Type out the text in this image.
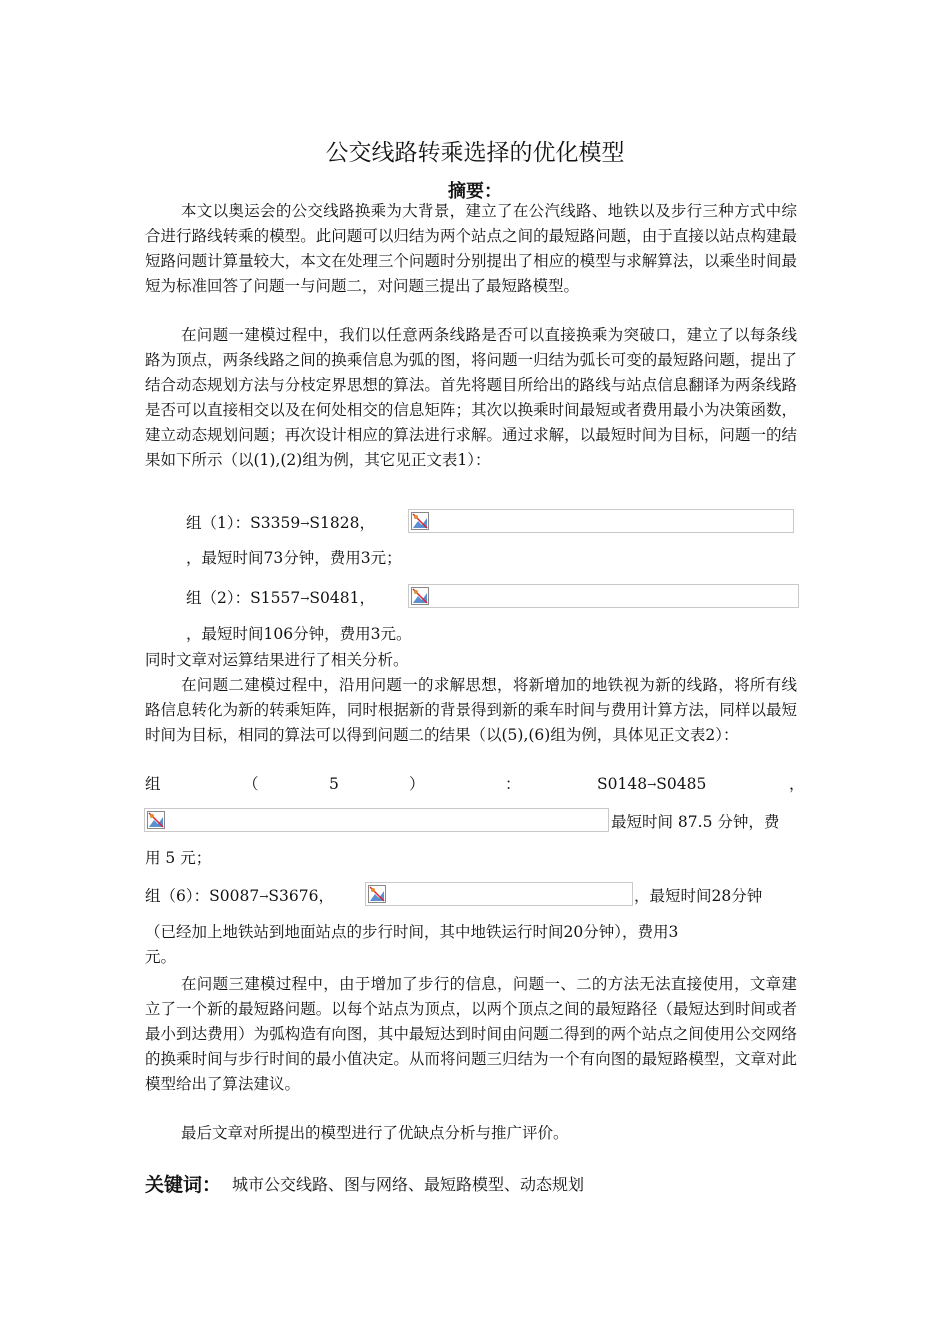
公交线路转乘选择的优化模型
摘要：
本文以奥运会的公交线路换乘为大背景，建立了在公汽线路、地铁以及步行三种方式中综合进行路线转乘的模型。此问题可以归结为两个站点之间的最短路问题，由于直接以站点构建最短路问题计算量较大，本文在处理三个问题时分别提出了相应的模型与求解算法，以乘坐时间最短为标准回答了问题一与问题二，对问题三提出了最短路模型。
在问题一建模过程中，我们以任意两条线路是否可以直接换乘为突破口，建立了以每条线路为顶点，两条线路之间的换乘信息为弧的图，将问题一归结为弧长可变的最短路问题，提出了结合动态规划方法与分枝定界思想的算法。首先将题目所给出的路线与站点信息翻译为两条线路是否可以直接相交以及在何处相交的信息矩阵；其次以换乘时间最短或者费用最小为决策函数，建立动态规划问题；再次设计相应的算法进行求解。通过求解，以最短时间为目标，问题一的结果如下所示（以(1),(2)组为例，其它见正文表1）：
组（1）：S3359→S1828，
，最短时间73分钟，费用3元；
组（2）：S1557→S0481，
，最短时间106分钟，费用3元。
同时文章对运算结果进行了相关分析。
在问题二建模过程中，沿用问题一的求解思想，将新增加的地铁视为新的线路，将所有线路信息转化为新的转乘矩阵，同时根据新的背景得到新的乘车时间与费用计算方法，同样以最短时间为目标，相同的算法可以得到问题二的结果（以(5),(6)组为例，具体见正文表2）：
组	（	5	）	：	S0148→S0485	，
最短时间 87.5 分钟，费
用 5 元；
组（6）：S0087→S3676，	，最短时间28分钟
（已经加上地铁站到地面站点的步行时间，其中地铁运行时间20分钟），费用3
元。
在问题三建模过程中，由于增加了步行的信息，问题一、二的方法无法直接使用，文章建立了一个新的最短路问题。以每个站点为顶点，以两个顶点之间的最短路径（最短达到时间或者最小到达费用）为弧构造有向图，其中最短达到时间由问题二得到的两个站点之间使用公交网络的换乘时间与步行时间的最小值决定。从而将问题三归结为一个有向图的最短路模型，文章对此模型给出了算法建议。
最后文章对所提出的模型进行了优缺点分析与推广评价。
关键词： 城市公交线路、图与网络、最短路模型、动态规划
